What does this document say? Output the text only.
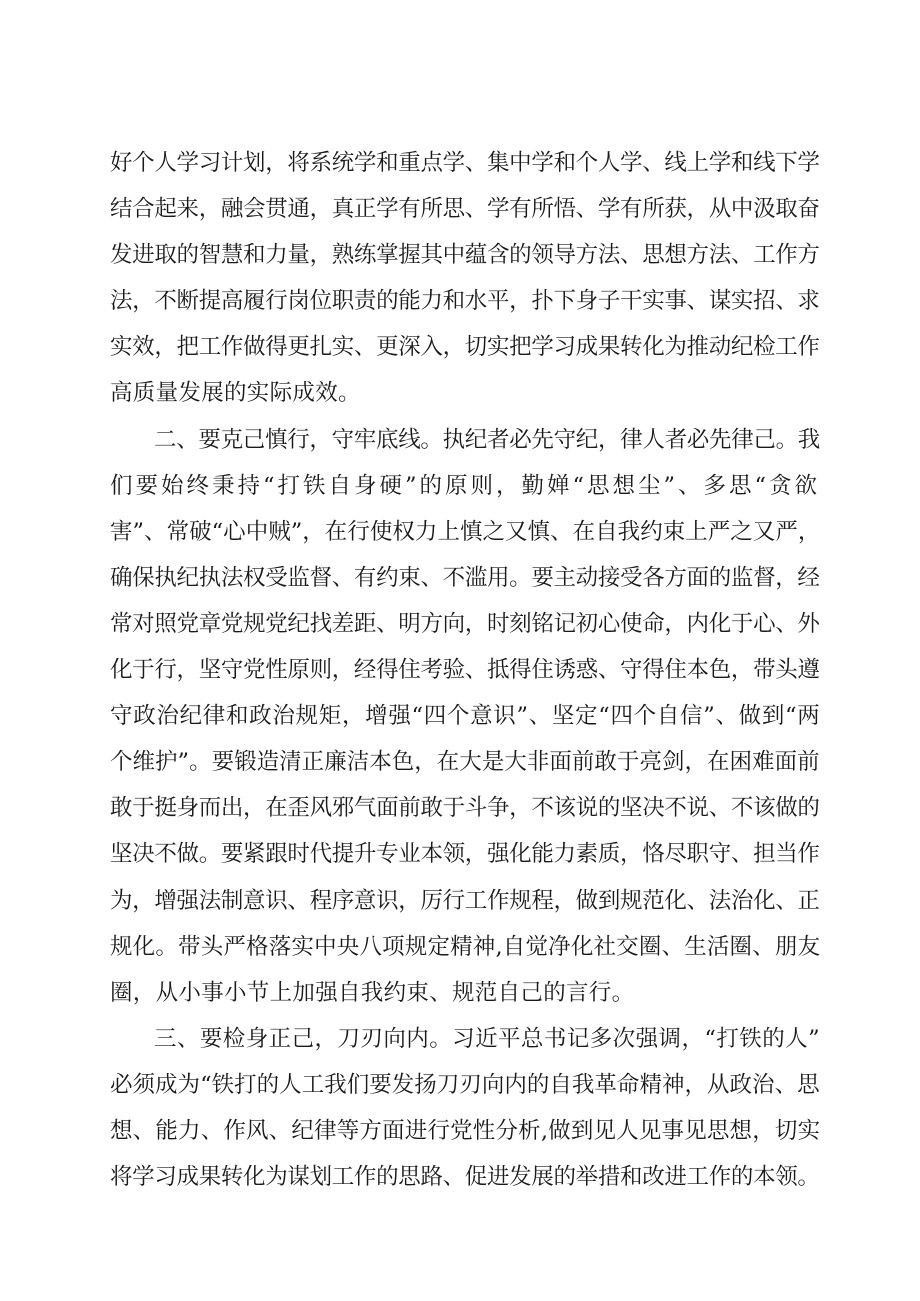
好个人学习计划，将系统学和重点学、集中学和个人学、线上学和线下学
结合起来，融会贯通，真正学有所思、学有所悟、学有所获，从中汲取奋
发进取的智慧和力量，熟练掌握其中蕴含的领导方法、思想方法、工作方
法，不断提高履行岗位职责的能力和水平，扑下身子干实事、谋实招、求
实效，把工作做得更扎实、更深入，切实把学习成果转化为推动纪检工作
高质量发展的实际成效。
二、要克己慎行，守牢底线。执纪者必先守纪，律人者必先律己。我
们要始终秉持“打铁自身硬”的原则，勤婵“思想尘”、多思“贪欲
害”、常破“心中贼”，在行使权力上慎之又慎、在自我约束上严之又严，
确保执纪执法权受监督、有约束、不滥用。要主动接受各方面的监督，经
常对照党章党规党纪找差距、明方向，时刻铭记初心使命，内化于心、外
化于行，坚守党性原则，经得住考验、抵得住诱惑、守得住本色，带头遵
守政治纪律和政治规矩，增强“四个意识”、坚定“四个自信”、做到“两
个维护”。要锻造清正廉洁本色，在大是大非面前敢于亮剑，在困难面前
敢于挺身而出，在歪风邪气面前敢于斗争，不该说的坚决不说、不该做的
坚决不做。要紧跟时代提升专业本领，强化能力素质，恪尽职守、担当作
为，增强法制意识、程序意识，厉行工作规程，做到规范化、法治化、正
规化。带头严格落实中央八项规定精神,自觉净化社交圈、生活圈、朋友
圈，从小事小节上加强自我约束、规范自己的言行。
三、要检身正己，刀刃向内。习近平总书记多次强调，“打铁的人”
必须成为“铁打的人工我们要发扬刀刃向内的自我革命精神，从政治、思
想、能力、作风、纪律等方面进行党性分析,做到见人见事见思想，切实
将学习成果转化为谋划工作的思路、促进发展的举措和改进工作的本领。
